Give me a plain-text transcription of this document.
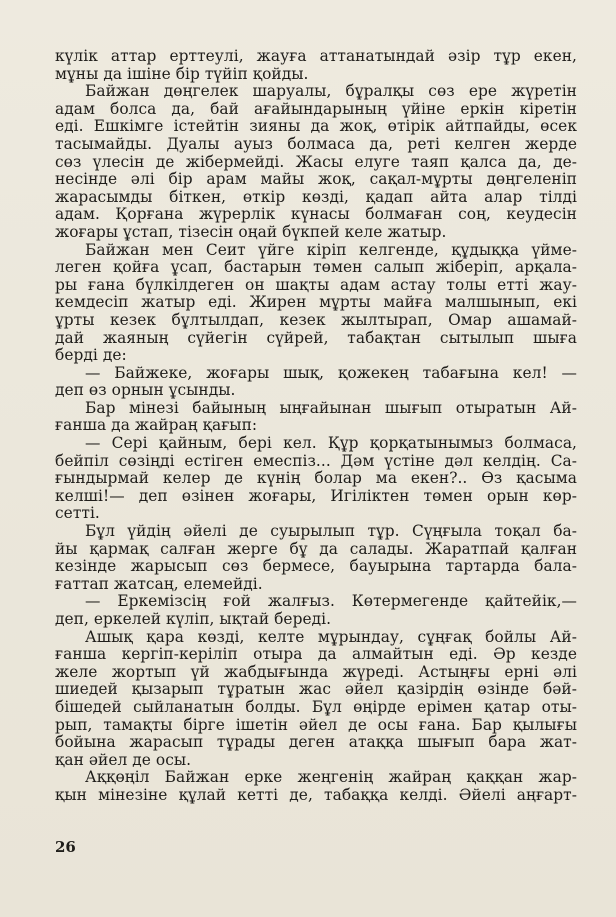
күлік аттар ерттеулі, жауға аттанатындай әзір тұр екен,
мұны да ішіне бір түйіп қойды.
Байжан дөңгелек шаруалы, бұралқы сөз ере жүретін
адам болса да, бай ағайындарының үйіне еркін кіретін
еді. Ешкімге істейтін зияны да жоқ, өтірік айтпайды, өсек
тасымайды. Дуалы ауыз болмаса да, реті келген жерде
сөз үлесін де жібермейді. Жасы елуге таяп қалса да, де-
несінде әлі бір арам майы жоқ, сақал-мұрты дөңгеленіп
жарасымды біткен, өткір көзді, қадап айта алар тілді
адам. Қорғана жүрерлік күнасы болмаған соң, кеудесін
жоғары ұстап, тізесін оңай бүкпей келе жатыр.
Байжан мен Сеит үйге кіріп келгенде, құдыққа үйме-
леген қойға ұсап, бастарын төмен салып жіберіп, арқала-
ры ғана бүлкілдеген он шақты адам астау толы етті жау-
кемдесіп жатыр еді. Жирен мұрты майға малшынып, екі
ұрты кезек бұлтылдап, кезек жылтырап, Омар ашамай-
дай жаяның сүйегін сүйрей, табақтан сытылып шыға
берді де:
— Байжеке, жоғары шық, қожекең табағына кел! —
деп өз орнын ұсынды.
Бар мінезі байының ыңғайынан шығып отыратын Ай-
ғанша да жайраң қағып:
— Сері қайным, бері кел. Құр қорқатынымыз болмаса,
бейпіл сөзіңді естіген емеспіз... Дәм үстіне дәл келдің. Са-
ғындырмай келер де күнің болар ма екен?.. Өз қасыма
келші!— деп өзінен жоғары, Игіліктен төмен орын көр-
сетті.
Бұл үйдің әйелі де суырылып тұр. Сүңғыла тоқал ба-
йы қармақ салған жерге бұ да салады. Жаратпай қалған
кезінде жарысып сөз бермесе, бауырына тартарда бала-
ғаттап жатсаң, елемейді.
— Еркемізсің ғой жалғыз. Көтермегенде қайтейік,—
деп, еркелей күліп, ықтай береді.
Ашық қара көзді, келте мұрындау, сұңғақ бойлы Ай-
ғанша кергіп-керіліп отыра да алмайтын еді. Әр кезде
желе жортып үй жабдығында жүреді. Астыңғы ерні әлі
шиедей қызарып тұратын жас әйел қазірдің өзінде бәй-
бішедей сыйланатын болды. Бұл өңірде ерімен қатар оты-
рып, тамақты бірге ішетін әйел де осы ғана. Бар қылығы
бойына жарасып тұрады деген атаққа шығып бара жат-
қан әйел де осы.
Аққөңіл Байжан ерке жеңгенің жайраң қаққан жар-
қын мінезіне құлай кетті де, табаққа келді. Әйелі аңғарт-
26
